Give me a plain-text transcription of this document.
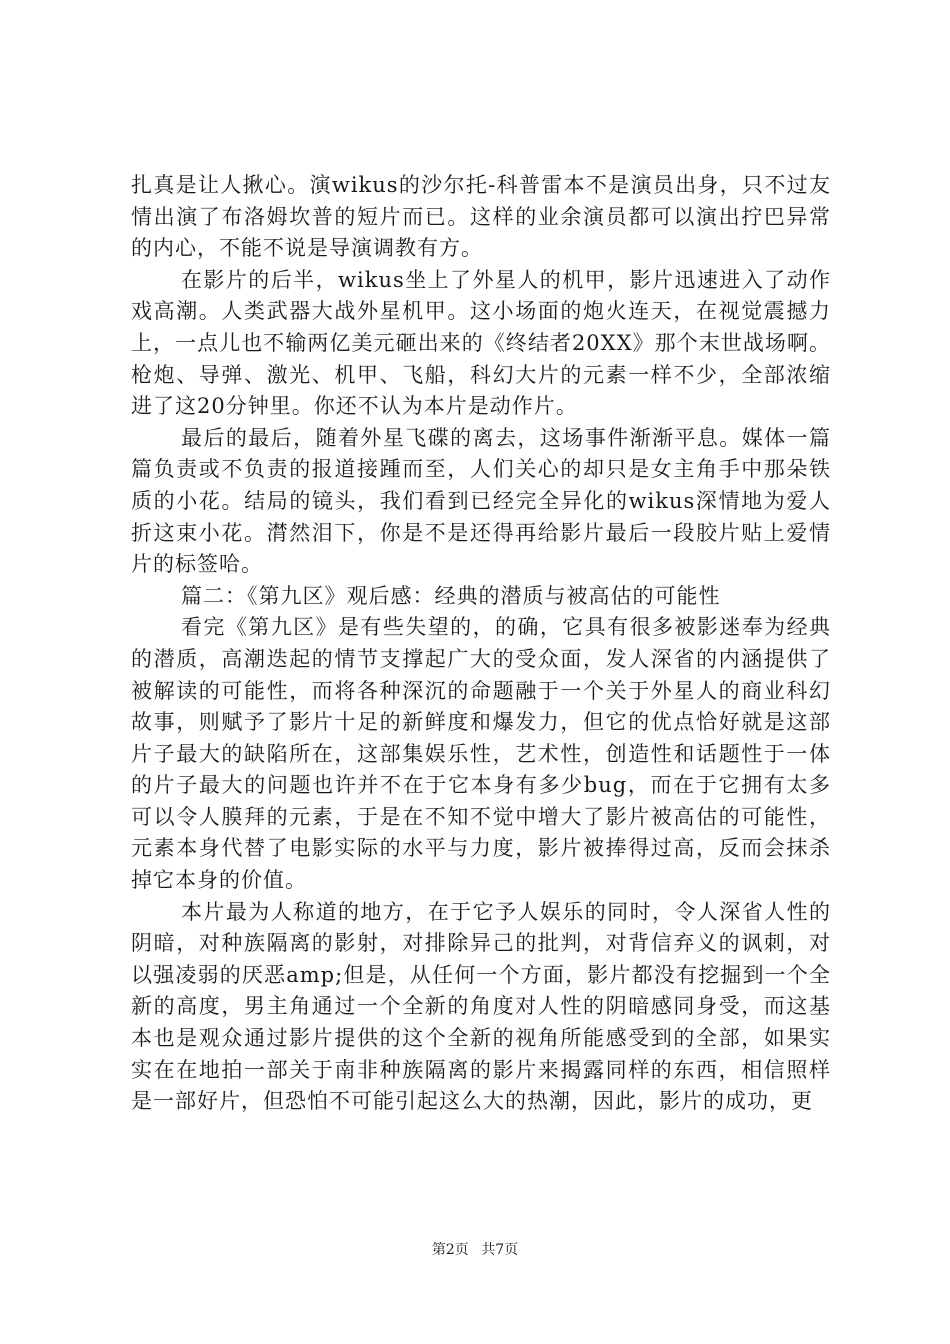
扎真是让人揪心。演wikus的沙尔托-科普雷本不是演员出身，只不过友情出演了布洛姆坎普的短片而已。这样的业余演员都可以演出拧巴异常的内心，不能不说是导演调教有方。

在影片的后半，wikus坐上了外星人的机甲，影片迅速进入了动作戏高潮。人类武器大战外星机甲。这小场面的炮火连天，在视觉震撼力上，一点儿也不输两亿美元砸出来的《终结者20XX》那个末世战场啊。枪炮、导弹、激光、机甲、飞船，科幻大片的元素一样不少，全部浓缩进了这20分钟里。你还不认为本片是动作片。

最后的最后，随着外星飞碟的离去，这场事件渐渐平息。媒体一篇篇负责或不负责的报道接踵而至，人们关心的却只是女主角手中那朵铁质的小花。结局的镜头，我们看到已经完全异化的wikus深情地为爱人折这束小花。潸然泪下，你是不是还得再给影片最后一段胶片贴上爱情片的标签哈。

篇二：《第九区》观后感：经典的潜质与被高估的可能性

看完《第九区》是有些失望的，的确，它具有很多被影迷奉为经典的潜质，高潮迭起的情节支撑起广大的受众面，发人深省的内涵提供了被解读的可能性，而将各种深沉的命题融于一个关于外星人的商业科幻故事，则赋予了影片十足的新鲜度和爆发力，但它的优点恰好就是这部片子最大的缺陷所在，这部集娱乐性，艺术性，创造性和话题性于一体的片子最大的问题也许并不在于它本身有多少bug，而在于它拥有太多可以令人膜拜的元素，于是在不知不觉中增大了影片被高估的可能性，元素本身代替了电影实际的水平与力度，影片被捧得过高，反而会抹杀掉它本身的价值。

本片最为人称道的地方，在于它予人娱乐的同时，令人深省人性的阴暗，对种族隔离的影射，对排除异己的批判，对背信弃义的讽刺，对以强凌弱的厌恶amp;但是，从任何一个方面，影片都没有挖掘到一个全新的高度，男主角通过一个全新的角度对人性的阴暗感同身受，而这基本也是观众通过影片提供的这个全新的视角所能感受到的全部，如果实实在在地拍一部关于南非种族隔离的影片来揭露同样的东西，相信照样是一部好片，但恐怕不可能引起这么大的热潮，因此，影片的成功，更

第2页 共7页
